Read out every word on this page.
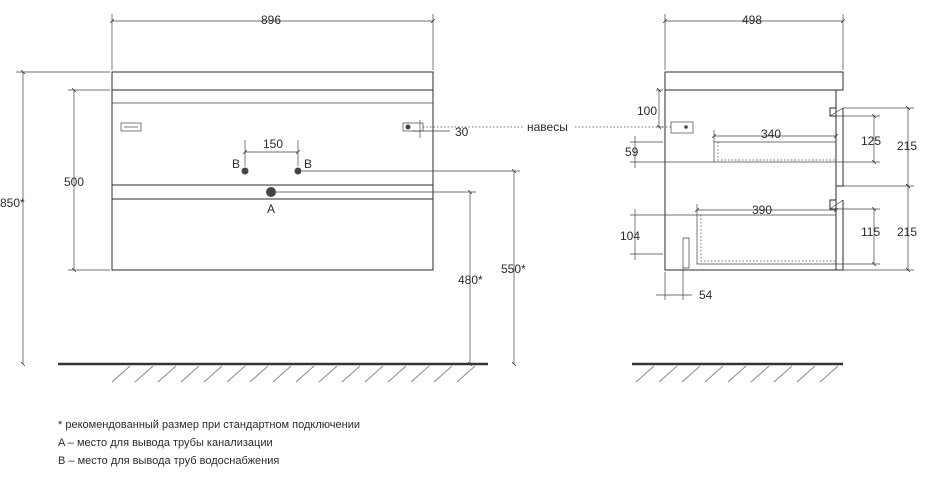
B	B
A
150
896
850*
500
30
480*
550*
навесы
498
100
340
59
125 215
390
104	115 215
54
* рекомендованный размер при стандартном подключении
A – место для вывода трубы канализации
B – место для вывода труб водоснабжения
